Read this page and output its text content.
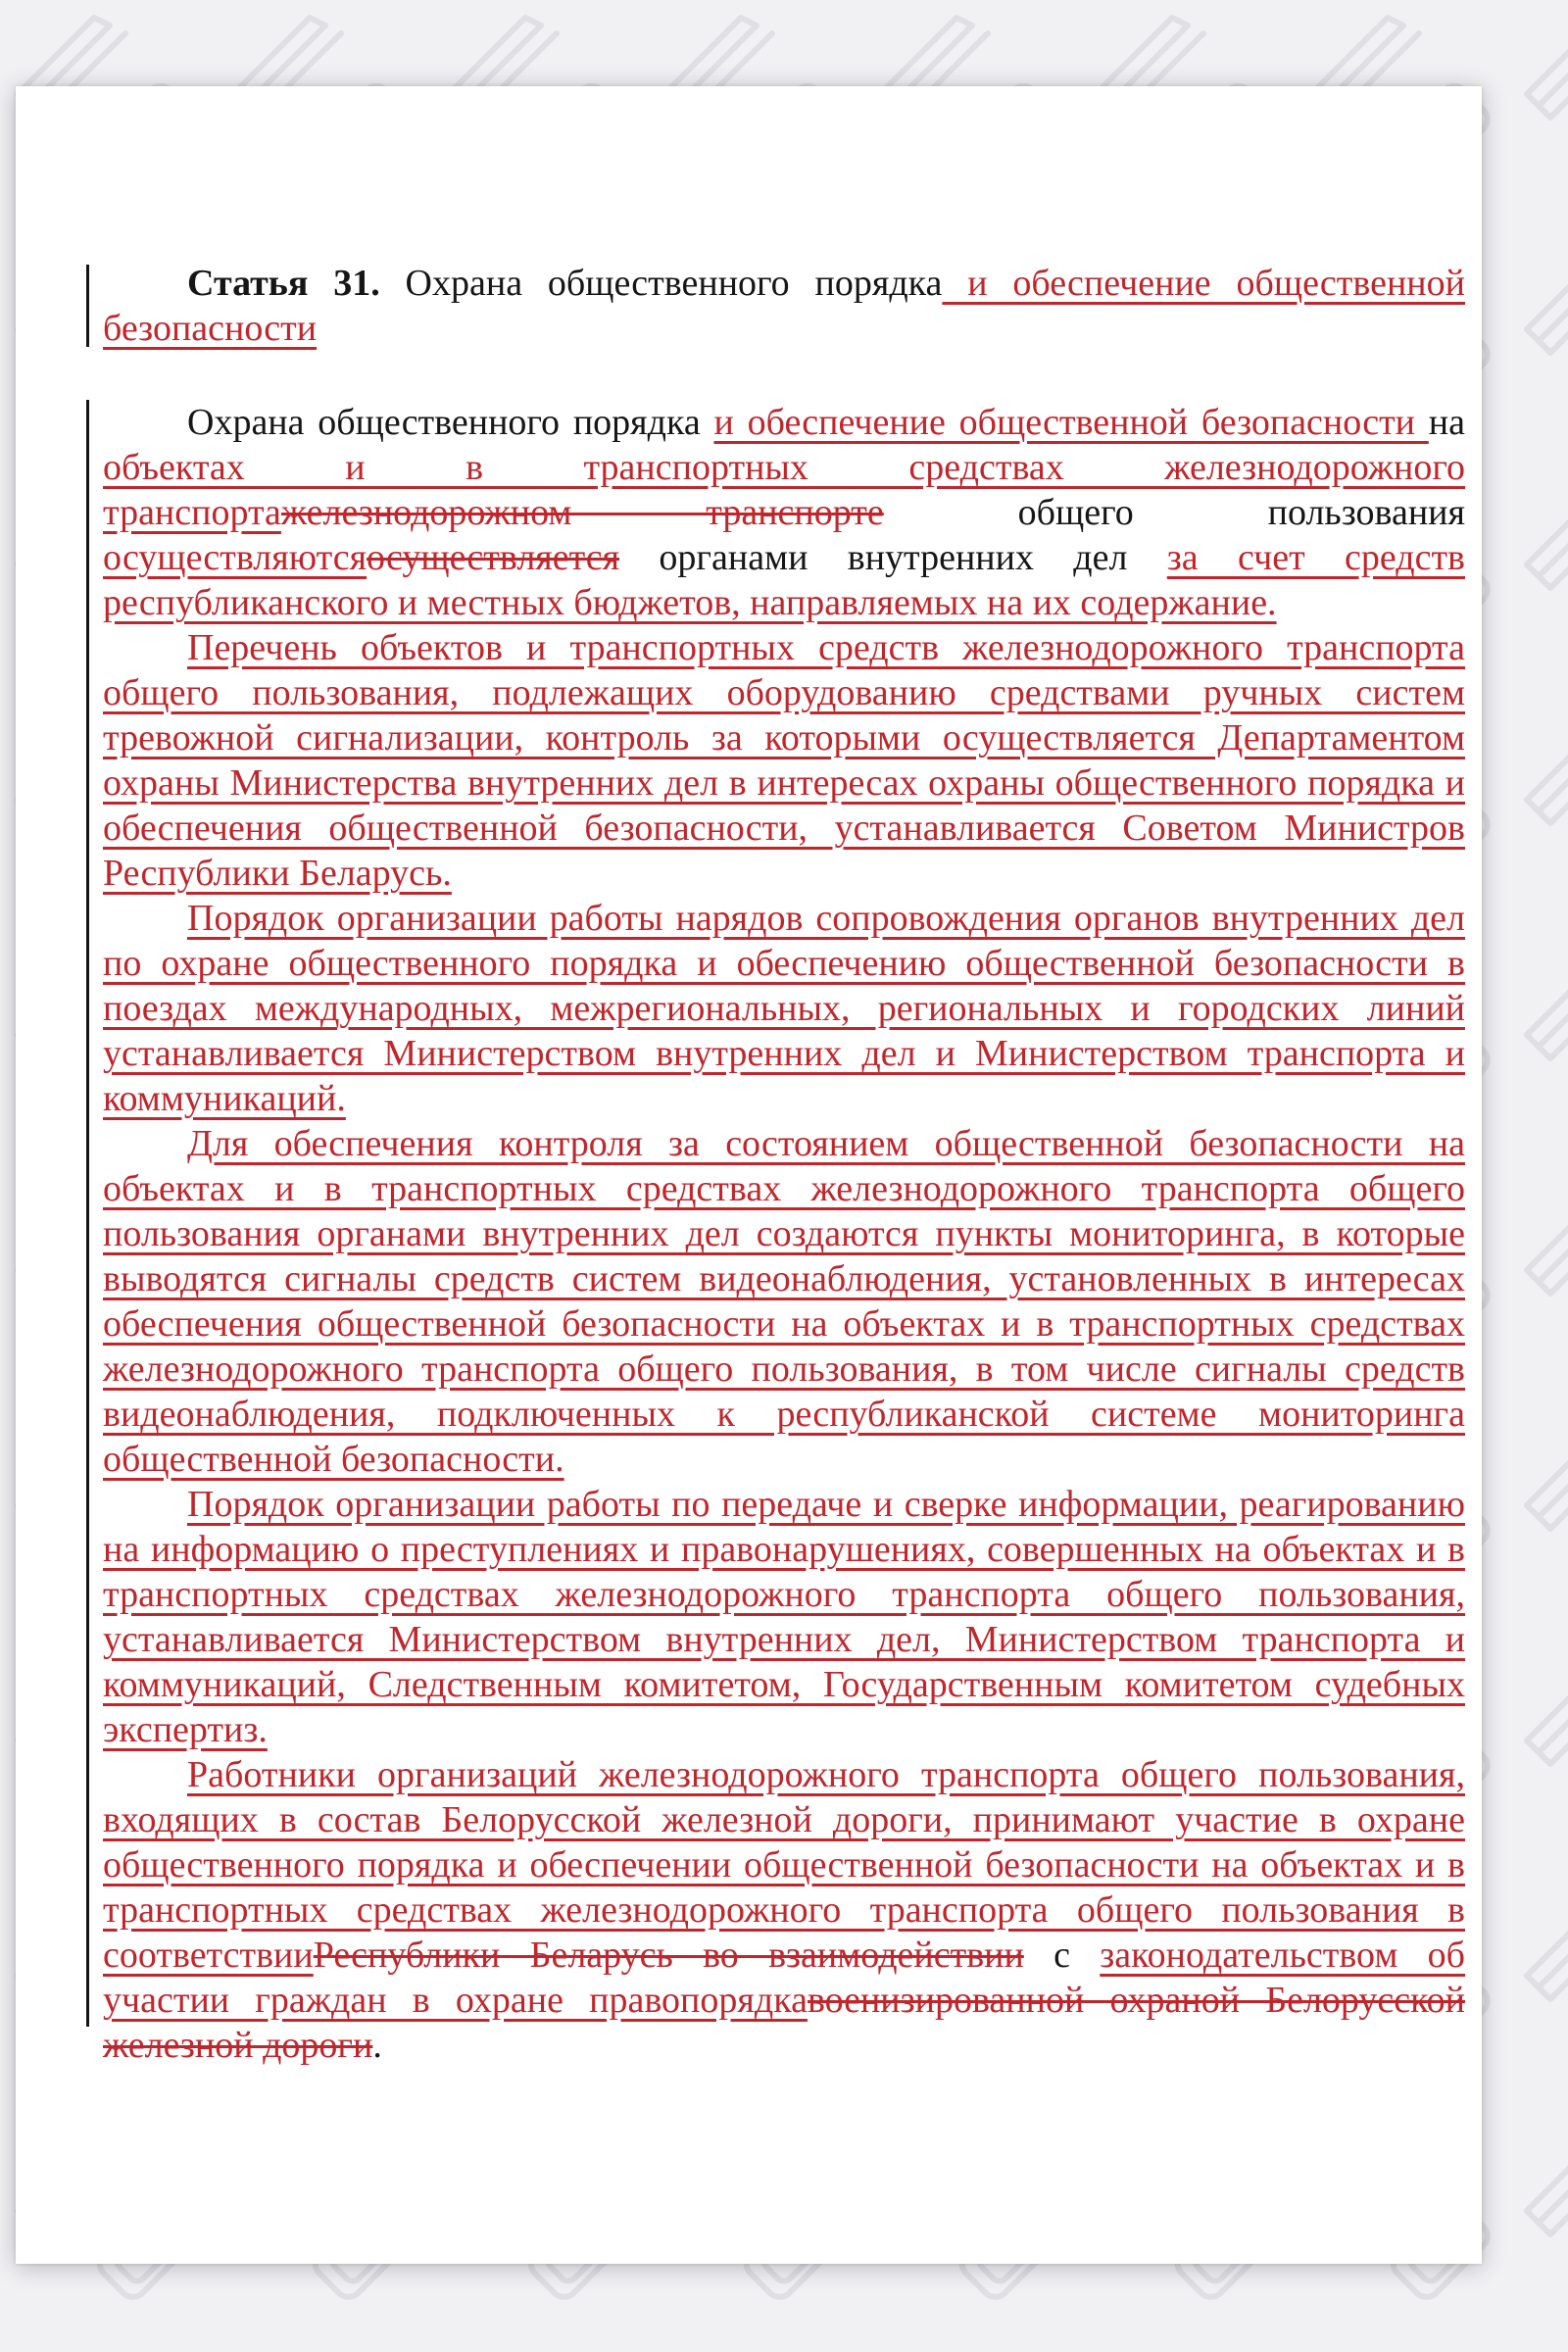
Статья 31. Охрана общественного порядка и обеспечение общественной безопасности

Охрана общественного порядка и обеспечение общественной безопасности на объектах и в транспортных средствах железнодорожного транспортажелезнодорожном транспорте общего пользования осуществляютсяосуществляется органами внутренних дел за счет средств республиканского и местных бюджетов, направляемых на их содержание.

Перечень объектов и транспортных средств железнодорожного транспорта общего пользования, подлежащих оборудованию средствами ручных систем тревожной сигнализации, контроль за которыми осуществляется Департаментом охраны Министерства внутренних дел в интересах охраны общественного порядка и обеспечения общественной безопасности, устанавливается Советом Министров Республики Беларусь.

Порядок организации работы нарядов сопровождения органов внутренних дел по охране общественного порядка и обеспечению общественной безопасности в поездах международных, межрегиональных, региональных и городских линий устанавливается Министерством внутренних дел и Министерством транспорта и коммуникаций.

Для обеспечения контроля за состоянием общественной безопасности на объектах и в транспортных средствах железнодорожного транспорта общего пользования органами внутренних дел создаются пункты мониторинга, в которые выводятся сигналы средств систем видеонаблюдения, установленных в интересах обеспечения общественной безопасности на объектах и в транспортных средствах железнодорожного транспорта общего пользования, в том числе сигналы средств видеонаблюдения, подключенных к республиканской системе мониторинга общественной безопасности.

Порядок организации работы по передаче и сверке информации, реагированию на информацию о преступлениях и правонарушениях, совершенных на объектах и в транспортных средствах железнодорожного транспорта общего пользования, устанавливается Министерством внутренних дел, Министерством транспорта и коммуникаций, Следственным комитетом, Государственным комитетом судебных экспертиз.

Работники организаций железнодорожного транспорта общего пользования, входящих в состав Белорусской железной дороги, принимают участие в охране общественного порядка и обеспечении общественной безопасности на объектах и в транспортных средствах железнодорожного транспорта общего пользования в соответствииРеспублики Беларусь во взаимодействии с законодательством об участии граждан в охране правопорядкавоенизированной охраной Белорусской железной дороги.
